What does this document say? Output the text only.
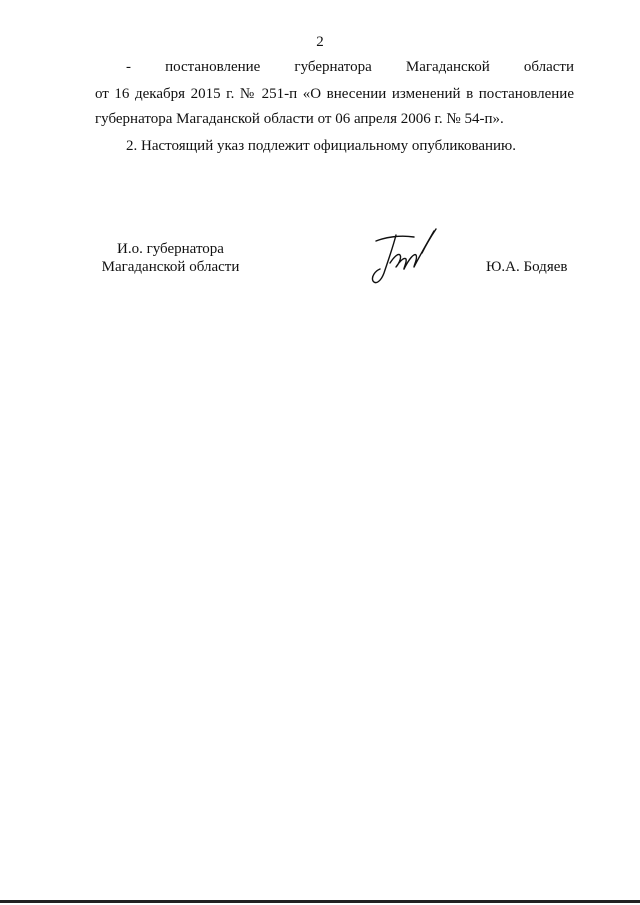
2
- постановление губернатора Магаданской области
от 16 декабря 2015 г. № 251-п «О внесении изменений в постановление
губернатора Магаданской области от 06 апреля 2006 г. № 54-п».
2. Настоящий указ подлежит официальному опубликованию.
И.о. губернатора
Магаданской области	Ю.А. Бодяев
